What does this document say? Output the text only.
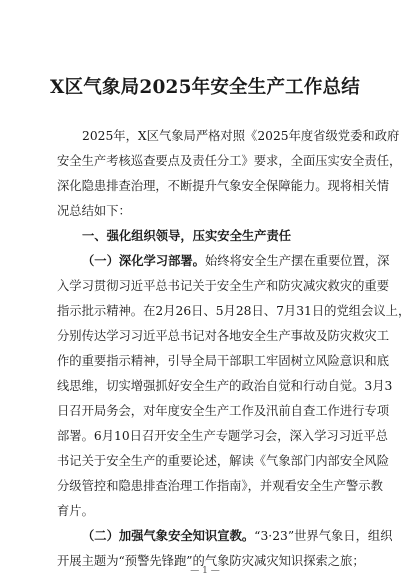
X区气象局2025年安全生产工作总结
2025年，X区气象局严格对照《2025年度省级党委和政府
安全生产考核巡查要点及责任分工》要求，全面压实安全责任，
深化隐患排查治理，不断提升气象安全保障能力。现将相关情
况总结如下：
一、强化组织领导，压实安全生产责任
（一）深化学习部署。始终将安全生产摆在重要位置，深
入学习贯彻习近平总书记关于安全生产和防灾减灾救灾的重要
指示批示精神。在2月26日、5月28日、7月31日的党组会议上，
分别传达学习习近平总书记对各地安全生产事故及防灾救灾工
作的重要指示精神，引导全局干部职工牢固树立风险意识和底
线思维，切实增强抓好安全生产的政治自觉和行动自觉。3月3
日召开局务会，对年度安全生产工作及汛前自查工作进行专项
部署。6月10日召开安全生产专题学习会，深入学习习近平总
书记关于安全生产的重要论述，解读《气象部门内部安全风险
分级管控和隐患排查治理工作指南》，并观看安全生产警示教
育片。
（二）加强气象安全知识宣教。“3·23”世界气象日，组织
开展主题为“预警先锋跑”的气象防灾减灾知识探索之旅；
— 1 —
